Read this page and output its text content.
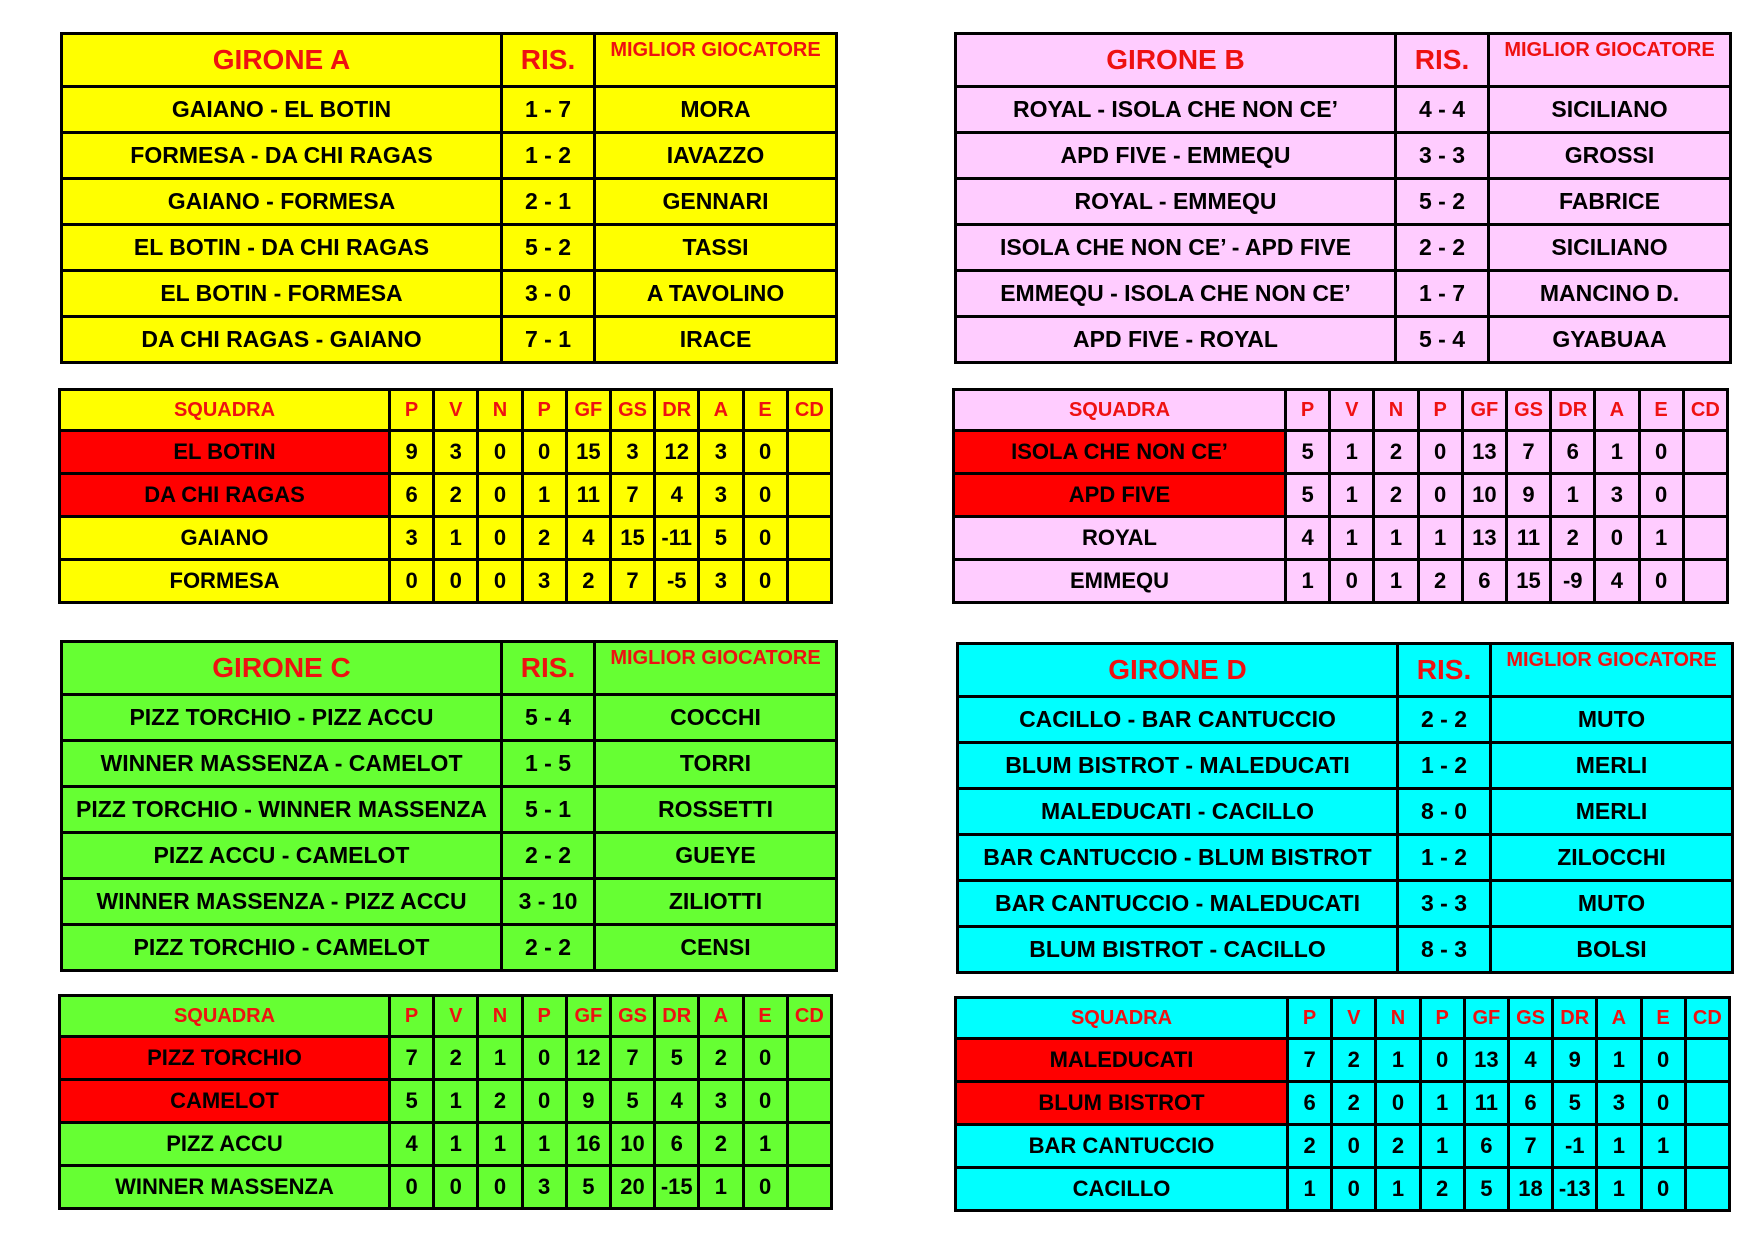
GIRONE A	RIS.	MIGLIOR GIOCATORE
GAIANO - EL BOTIN	1 - 7	MORA
FORMESA - DA CHI RAGAS	1 - 2	IAVAZZO
GAIANO - FORMESA	2 - 1	GENNARI
EL BOTIN - DA CHI RAGAS	5 - 2	TASSI
EL BOTIN - FORMESA	3 - 0	A TAVOLINO
DA CHI RAGAS - GAIANO	7 - 1	IRACE
SQUADRA	P	V	N	P	GF	GS	DR	A	E	CD
EL BOTIN	9	3	0	0	15	3	12	3	0	
DA CHI RAGAS	6	2	0	1	11	7	4	3	0	
GAIANO	3	1	0	2	4	15	-11	5	0	
FORMESA	0	0	0	3	2	7	-5	3	0	
GIRONE B	RIS.	MIGLIOR GIOCATORE
ROYAL - ISOLA CHE NON CE’	4 - 4	SICILIANO
APD FIVE - EMMEQU	3 - 3	GROSSI
ROYAL - EMMEQU	5 - 2	FABRICE
ISOLA CHE NON CE’ - APD FIVE	2 - 2	SICILIANO
EMMEQU - ISOLA CHE NON CE’	1 - 7	MANCINO D.
APD FIVE - ROYAL	5 - 4	GYABUAA
SQUADRA	P	V	N	P	GF	GS	DR	A	E	CD
ISOLA CHE NON CE’	5	1	2	0	13	7	6	1	0	
APD FIVE	5	1	2	0	10	9	1	3	0	
ROYAL	4	1	1	1	13	11	2	0	1	
EMMEQU	1	0	1	2	6	15	-9	4	0	
GIRONE C	RIS.	MIGLIOR GIOCATORE
PIZZ TORCHIO - PIZZ ACCU	5 - 4	COCCHI
WINNER MASSENZA - CAMELOT	1 - 5	TORRI
PIZZ TORCHIO - WINNER MASSENZA	5 - 1	ROSSETTI
PIZZ ACCU - CAMELOT	2 - 2	GUEYE
WINNER MASSENZA - PIZZ ACCU	3 - 10	ZILIOTTI
PIZZ TORCHIO - CAMELOT	2 - 2	CENSI
SQUADRA	P	V	N	P	GF	GS	DR	A	E	CD
PIZZ TORCHIO	7	2	1	0	12	7	5	2	0	
CAMELOT	5	1	2	0	9	5	4	3	0	
PIZZ ACCU	4	1	1	1	16	10	6	2	1	
WINNER MASSENZA	0	0	0	3	5	20	-15	1	0	
GIRONE D	RIS.	MIGLIOR GIOCATORE
CACILLO - BAR CANTUCCIO	2 - 2	MUTO
BLUM BISTROT - MALEDUCATI	1 - 2	MERLI
MALEDUCATI - CACILLO	8 - 0	MERLI
BAR CANTUCCIO - BLUM BISTROT	1 - 2	ZILOCCHI
BAR CANTUCCIO - MALEDUCATI	3 - 3	MUTO
BLUM BISTROT - CACILLO	8 - 3	BOLSI
SQUADRA	P	V	N	P	GF	GS	DR	A	E	CD
MALEDUCATI	7	2	1	0	13	4	9	1	0	
BLUM BISTROT	6	2	0	1	11	6	5	3	0	
BAR CANTUCCIO	2	0	2	1	6	7	-1	1	1	
CACILLO	1	0	1	2	5	18	-13	1	0	
